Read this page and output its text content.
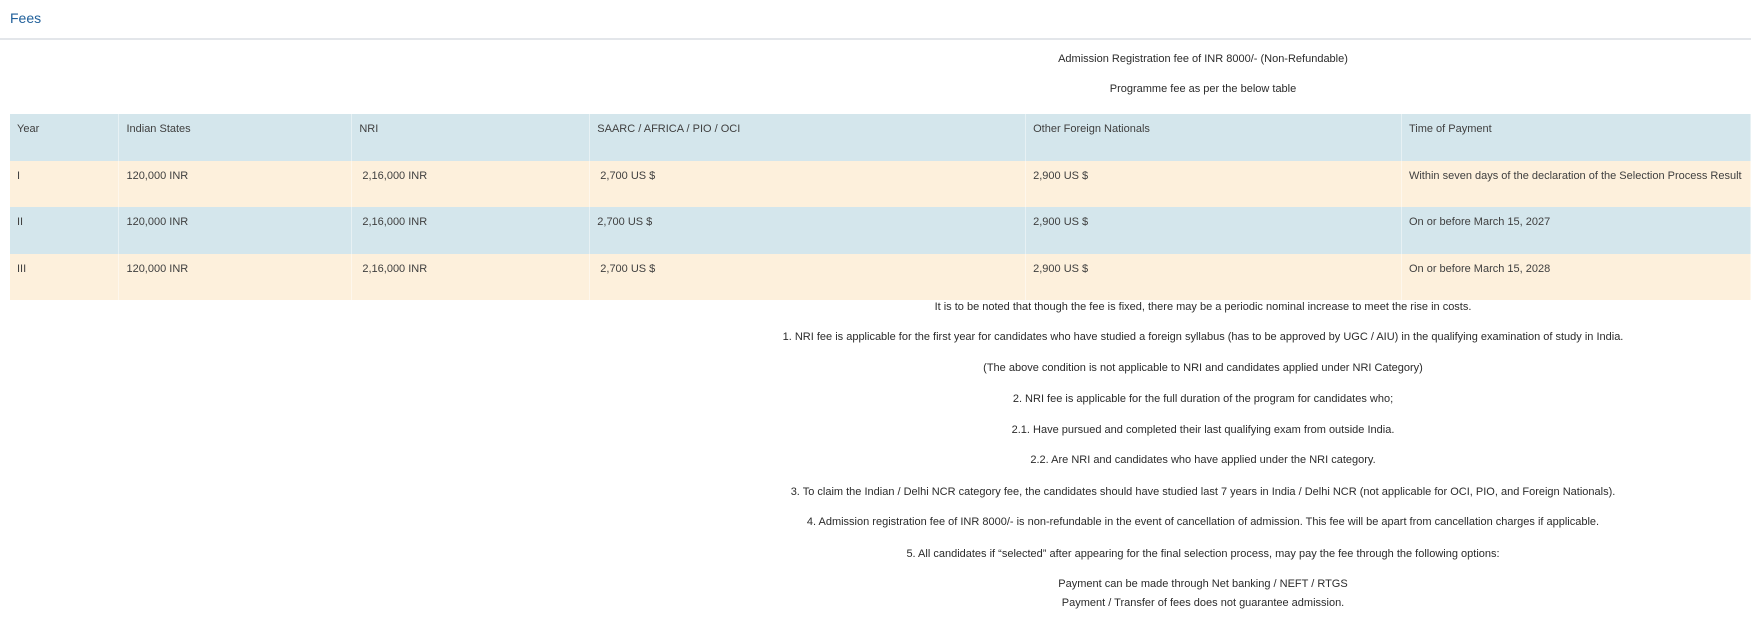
Fees
Admission Registration fee of INR 8000/- (Non-Refundable)
Programme fee as per the below table
Year	Indian States	NRI	SAARC / AFRICA / PIO / OCI	Other Foreign Nationals	Time of Payment
I	120,000 INR	2,16,000 INR	2,700 US $	2,900 US $	Within seven days of the declaration of the Selection Process Result
II	120,000 INR	2,16,000 INR	2,700 US $	2,900 US $	On or before March 15, 2027
III	120,000 INR	2,16,000 INR	2,700 US $	2,900 US $	On or before March 15, 2028
It is to be noted that though the fee is fixed, there may be a periodic nominal increase to meet the rise in costs.
1. NRI fee is applicable for the first year for candidates who have studied a foreign syllabus (has to be approved by UGC / AIU) in the qualifying examination of study in India.
(The above condition is not applicable to NRI and candidates applied under NRI Category)
2. NRI fee is applicable for the full duration of the program for candidates who;
2.1. Have pursued and completed their last qualifying exam from outside India.
2.2. Are NRI and candidates who have applied under the NRI category.
3. To claim the Indian / Delhi NCR category fee, the candidates should have studied last 7 years in India / Delhi NCR (not applicable for OCI, PIO, and Foreign Nationals).
4. Admission registration fee of INR 8000/- is non-refundable in the event of cancellation of admission. This fee will be apart from cancellation charges if applicable.
5. All candidates if “selected” after appearing for the final selection process, may pay the fee through the following options:
Payment can be made through Net banking / NEFT / RTGS
Payment / Transfer of fees does not guarantee admission.
